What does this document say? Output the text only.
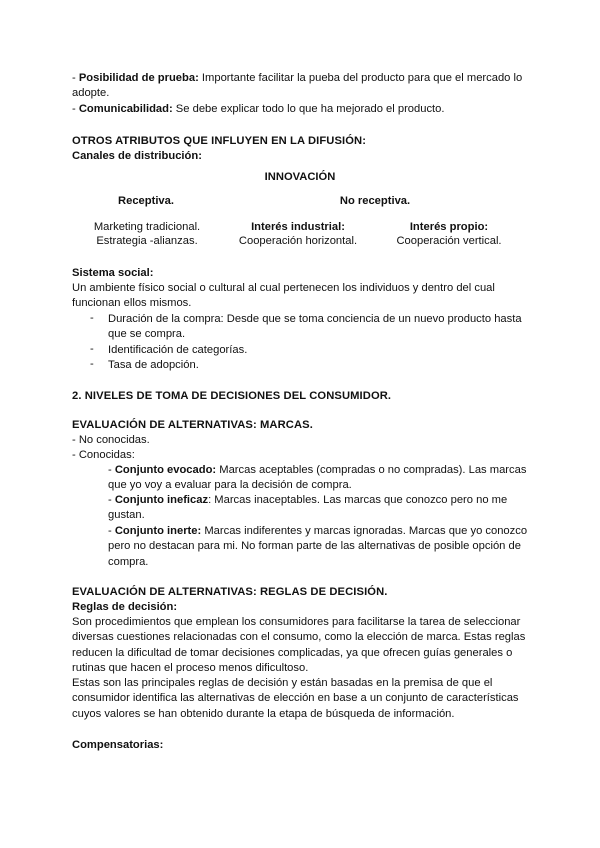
- Posibilidad de prueba: Importante facilitar la pueba del producto para que el mercado lo adopte.
- Comunicabilidad: Se debe explicar todo lo que ha mejorado el producto.
OTROS ATRIBUTOS QUE INFLUYEN EN LA DIFUSIÓN:
Canales de distribución:
INNOVACIÓN
Receptiva.	No receptiva.
Marketing tradicional.
Estrategia -alianzas.
Interés industrial:
Cooperación horizontal.
Interés propio:
Cooperación vertical.
Sistema social:
Un ambiente físico social o cultural al cual pertenecen los individuos y dentro del cual funcionan ellos mismos.
- Duración de la compra: Desde que se toma conciencia de un nuevo producto hasta que se compra.
- Identificación de categorías.
- Tasa de adopción.
2. NIVELES DE TOMA DE DECISIONES DEL CONSUMIDOR.
EVALUACIÓN DE ALTERNATIVAS: MARCAS.
- No conocidas.
- Conocidas:
- Conjunto evocado: Marcas aceptables (compradas o no compradas). Las marcas que yo voy a evaluar para la decisión de compra.
- Conjunto ineficaz: Marcas inaceptables. Las marcas que conozco pero no me gustan.
- Conjunto inerte: Marcas indiferentes y marcas ignoradas. Marcas que yo conozco pero no destacan para mi. No forman parte de las alternativas de posible opción de compra.
EVALUACIÓN DE ALTERNATIVAS: REGLAS DE DECISIÓN.
Reglas de decisión:
Son procedimientos que emplean los consumidores para facilitarse la tarea de seleccionar diversas cuestiones relacionadas con el consumo, como la elección de marca. Estas reglas reducen la dificultad de tomar decisiones complicadas, ya que ofrecen guías generales o rutinas que hacen el proceso menos dificultoso.
Estas son las principales reglas de decisión y están basadas en la premisa de que el consumidor identifica las alternativas de elección en base a un conjunto de características cuyos valores se han obtenido durante la etapa de búsqueda de información.
Compensatorias:
